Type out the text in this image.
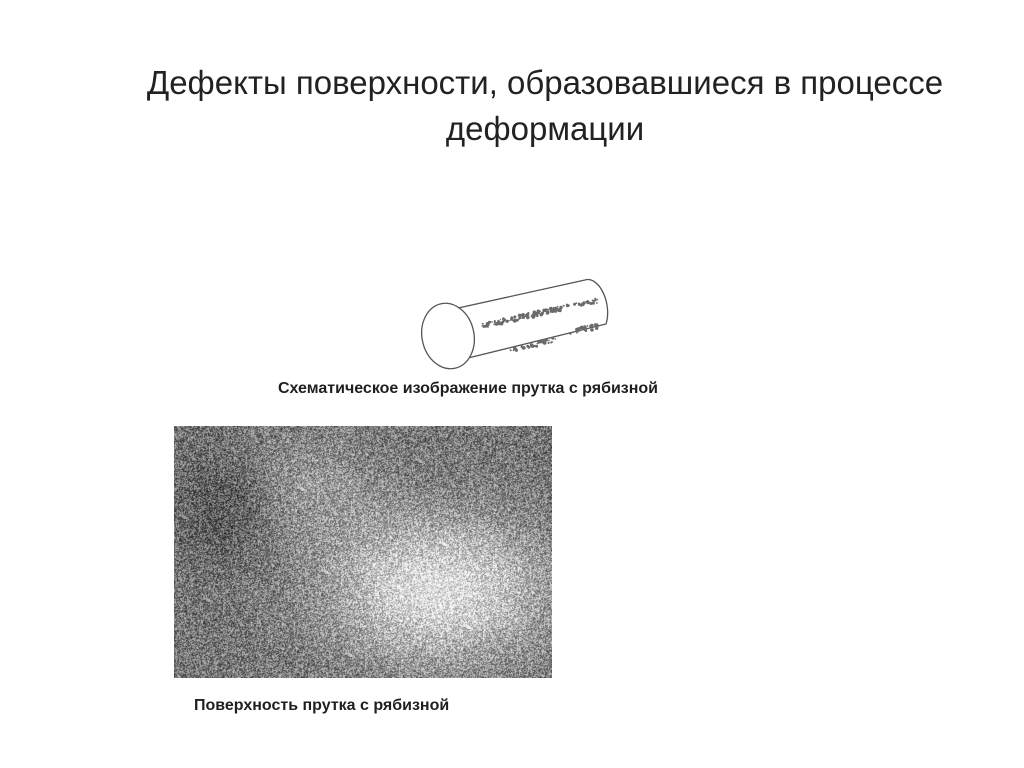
Дефекты поверхности, образовавшиеся в процессе
деформации
Схематическое изображение прутка с рябизной
Поверхность прутка с рябизной
